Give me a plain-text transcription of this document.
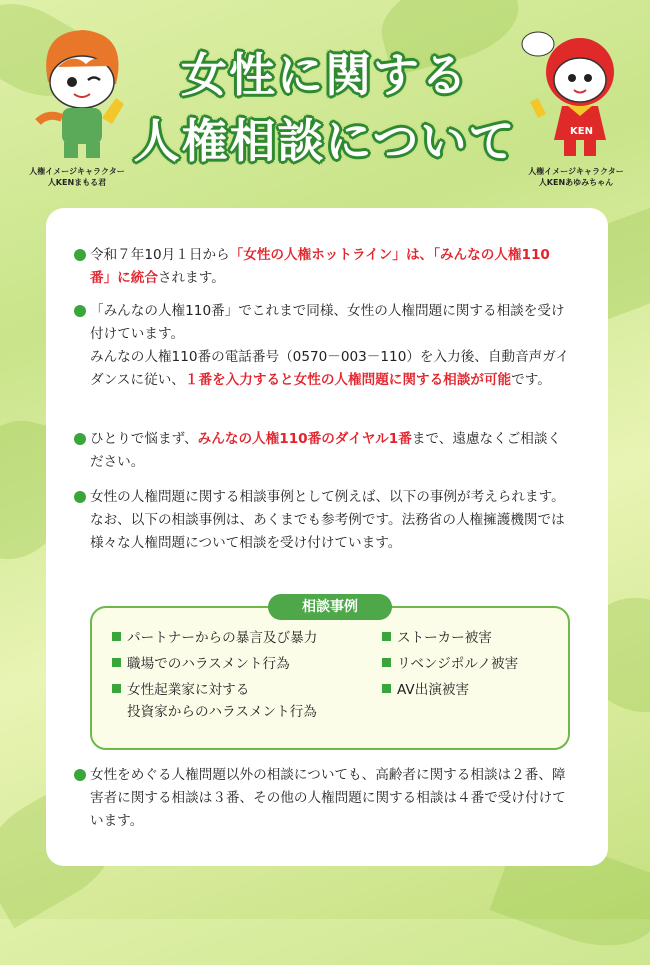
人権イメージキャラクター
人KENまもる君
女性に関する
人権相談について	KEN
人権イメージキャラクター
人KENあゆみちゃん
令和７年10月１日から「女性の人権ホットライン」は、「みんなの人権110番」に統合されます。
「みんなの人権110番」でこれまで同様、女性の人権問題に関する相談を受け付けています。
みんなの人権110番の電話番号（0570－003－110）を入力後、自動音声ガイダンスに従い、１番を入力すると女性の人権問題に関する相談が可能です。
ひとりで悩まず、みんなの人権110番のダイヤル1番まで、遠慮なくご相談ください。
女性の人権問題に関する相談事例として例えば、以下の事例が考えられます。
なお、以下の相談事例は、あくまでも参考例です。法務省の人権擁護機関では様々な人権問題について相談を受け付けています。
相談事例
パートナーからの暴言及び暴力
職場でのハラスメント行為
女性起業家に対する
投資家からのハラスメント行為
ストーカー被害
リベンジポルノ被害
AV出演被害
女性をめぐる人権問題以外の相談についても、高齢者に関する相談は２番、障害者に関する相談は３番、その他の人権問題に関する相談は４番で受け付けています。
